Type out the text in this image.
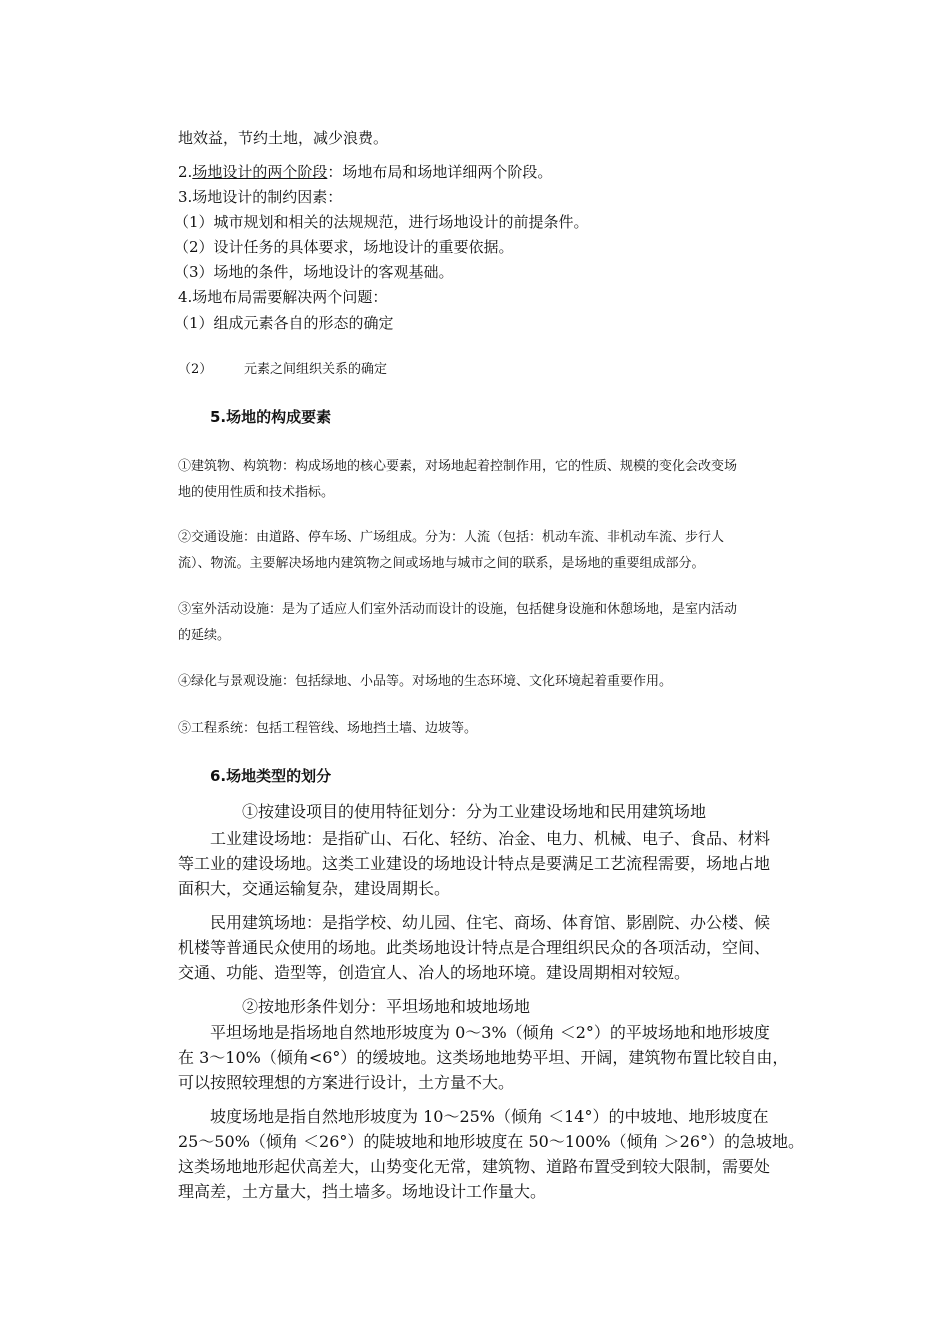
地效益，节约土地，减少浪费。
2.场地设计的两个阶段：场地布局和场地详细两个阶段。
3.场地设计的制约因素：
（1）城市规划和相关的法规规范，进行场地设计的前提条件。
（2）设计任务的具体要求，场地设计的重要依据。
（3）场地的条件，场地设计的客观基础。
4.场地布局需要解决两个问题：
（1）组成元素各自的形态的确定
（2） 元素之间组织关系的确定
5.场地的构成要素
①建筑物、构筑物：构成场地的核心要素，对场地起着控制作用，它的性质、规模的变化会改变场
地的使用性质和技术指标。
②交通设施：由道路、停车场、广场组成。分为：人流（包括：机动车流、非机动车流、步行人
流）、物流。主要解决场地内建筑物之间或场地与城市之间的联系，是场地的重要组成部分。
③室外活动设施：是为了适应人们室外活动而设计的设施，包括健身设施和休憩场地，是室内活动
的延续。
④绿化与景观设施：包括绿地、小品等。对场地的生态环境、文化环境起着重要作用。
⑤工程系统：包括工程管线、场地挡土墙、边坡等。
6.场地类型的划分
①按建设项目的使用特征划分：分为工业建设场地和民用建筑场地
工业建设场地：是指矿山、石化、轻纺、冶金、电力、机械、电子、食品、材料
等工业的建设场地。这类工业建设的场地设计特点是要满足工艺流程需要，场地占地
面积大，交通运输复杂，建设周期长。
民用建筑场地：是指学校、幼儿园、住宅、商场、体育馆、影剧院、办公楼、候
机楼等普通民众使用的场地。此类场地设计特点是合理组织民众的各项活动，空间、
交通、功能、造型等，创造宜人、冶人的场地环境。建设周期相对较短。
②按地形条件划分：平坦场地和坡地场地
平坦场地是指场地自然地形坡度为 0～3%（倾角 ＜2°）的平坡场地和地形坡度
在 3～10%（倾角<6°）的缓坡地。这类场地地势平坦、开阔，建筑物布置比较自由，
可以按照较理想的方案进行设计，土方量不大。
坡度场地是指自然地形坡度为 10～25%（倾角 ＜14°）的中坡地、地形坡度在
25～50%（倾角 ＜26°）的陡坡地和地形坡度在 50～100%（倾角 ＞26°）的急坡地。
这类场地地形起伏高差大，山势变化无常，建筑物、道路布置受到较大限制，需要处
理高差，土方量大，挡土墙多。场地设计工作量大。
